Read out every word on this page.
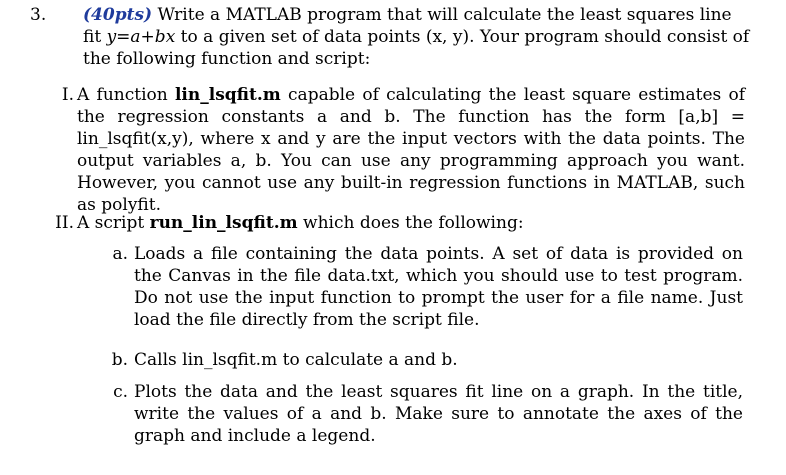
3. (40pts) Write a MATLAB program that will calculate the least squares line fit y=a+bx to a given set of data points (x, y). Your program should consist of the following function and script:
I. A function lin_lsqfit.m capable of calculating the least square estimates of the regression constants a and b. The function has the form [a,b] = lin_lsqfit(x,y), where x and y are the input vectors with the data points. The output variables a, b. You can use any programming approach you want. However, you cannot use any built-in regression functions in MATLAB, such as polyfit.
II. A script run_lin_lsqfit.m which does the following:
a. Loads a file containing the data points. A set of data is provided on the Canvas in the file data.txt, which you should use to test program. Do not use the input function to prompt the user for a file name. Just load the file directly from the script file.
b. Calls lin_lsqfit.m to calculate a and b.
c. Plots the data and the least squares fit line on a graph. In the title, write the values of a and b. Make sure to annotate the axes of the graph and include a legend.
